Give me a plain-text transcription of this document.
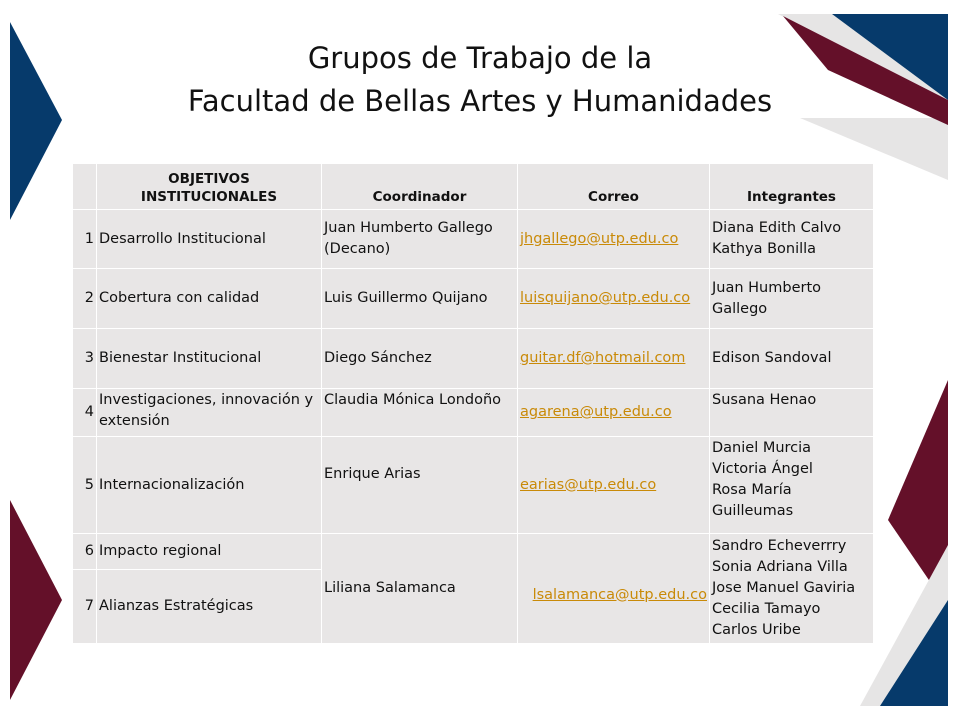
Grupos de Trabajo de la
Facultad de Bellas Artes y Humanidades
	OBJETIVOS INSTITUCIONALES	Coordinador	Correo	Integrantes
1	Desarrollo Institucional	Juan Humberto Gallego (Decano)	jhgallego@utp.edu.co	Diana Edith Calvo
Kathya Bonilla
2	Cobertura con calidad	Luis Guillermo Quijano	luisquijano@utp.edu.co	Juan Humberto Gallego
3	Bienestar Institucional	Diego Sánchez	guitar.df@hotmail.com	Edison Sandoval
4	Investigaciones, innovación y extensión	Claudia Mónica Londoño	agarena@utp.edu.co	Susana Henao
5	Internacionalización	Enrique Arias	earias@utp.edu.co	Daniel Murcia
Victoria Ángel
Rosa María Guilleumas
6	Impacto regional	Liliana Salamanca	lsalamanca@utp.edu.co	Sandro Echeverrry
Sonia Adriana Villa
Jose Manuel Gaviria
Cecilia Tamayo
Carlos Uribe
7	Alianzas Estratégicas			
